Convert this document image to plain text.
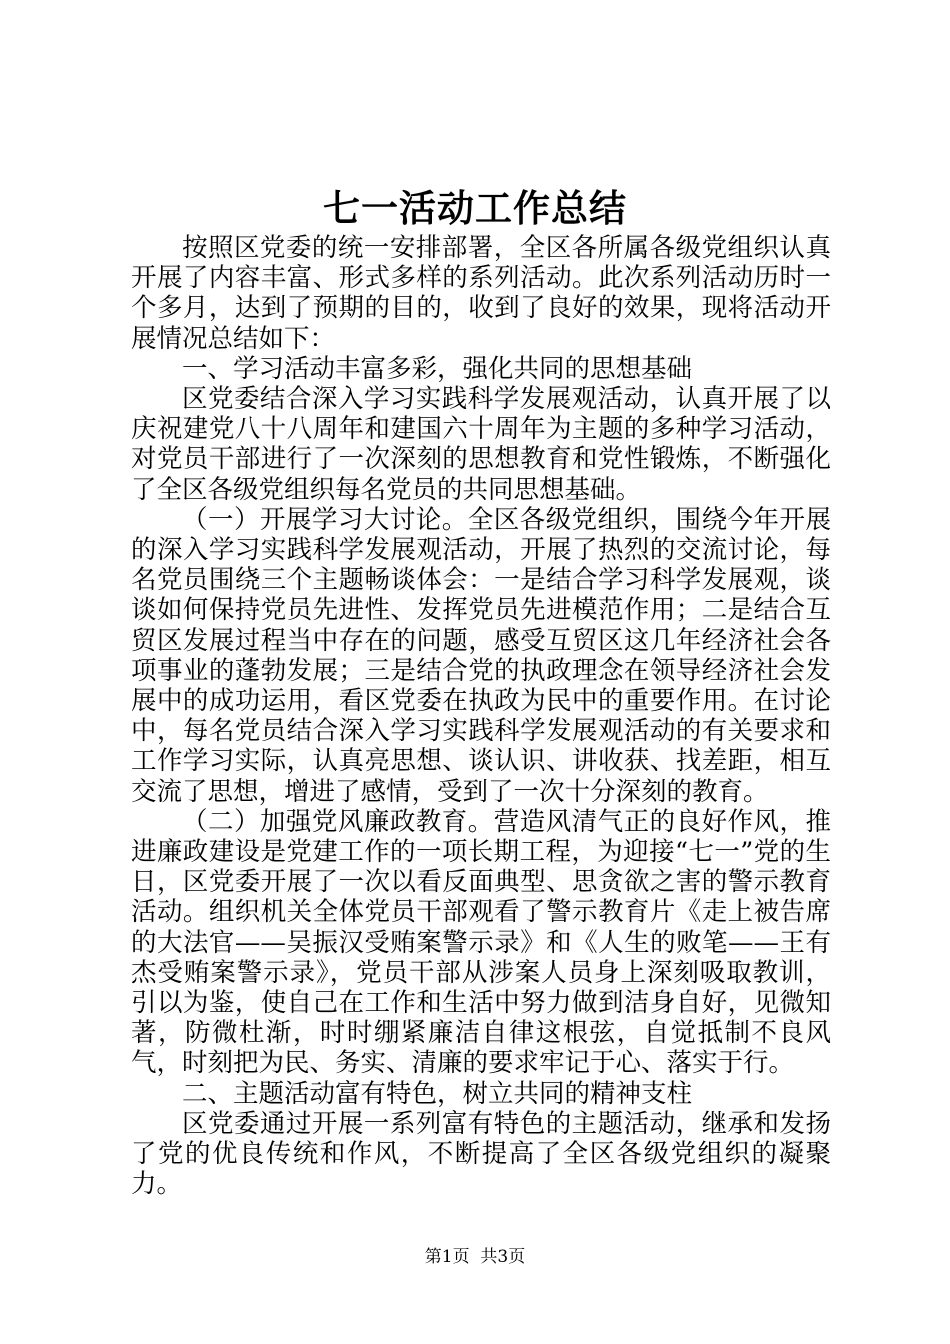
七一活动工作总结

按照区党委的统一安排部署，全区各所属各级党组织认真开展了内容丰富、形式多样的系列活动。此次系列活动历时一个多月，达到了预期的目的，收到了良好的效果，现将活动开展情况总结如下：

一、学习活动丰富多彩，强化共同的思想基础

区党委结合深入学习实践科学发展观活动，认真开展了以庆祝建党八十八周年和建国六十周年为主题的多种学习活动，对党员干部进行了一次深刻的思想教育和党性锻炼，不断强化了全区各级党组织每名党员的共同思想基础。

（一）开展学习大讨论。全区各级党组织，围绕今年开展的深入学习实践科学发展观活动，开展了热烈的交流讨论，每名党员围绕三个主题畅谈体会：一是结合学习科学发展观，谈谈如何保持党员先进性、发挥党员先进模范作用；二是结合互贸区发展过程当中存在的问题，感受互贸区这几年经济社会各项事业的蓬勃发展；三是结合党的执政理念在领导经济社会发展中的成功运用，看区党委在执政为民中的重要作用。在讨论中，每名党员结合深入学习实践科学发展观活动的有关要求和工作学习实际，认真亮思想、谈认识、讲收获、找差距，相互交流了思想，增进了感情，受到了一次十分深刻的教育。

（二）加强党风廉政教育。营造风清气正的良好作风，推进廉政建设是党建工作的一项长期工程，为迎接“七一”党的生日，区党委开展了一次以看反面典型、思贪欲之害的警示教育活动。组织机关全体党员干部观看了警示教育片《走上被告席的大法官——吴振汉受贿案警示录》和《人生的败笔——王有杰受贿案警示录》，党员干部从涉案人员身上深刻吸取教训，引以为鉴，使自己在工作和生活中努力做到洁身自好，见微知著，防微杜渐，时时绷紧廉洁自律这根弦，自觉抵制不良风气，时刻把为民、务实、清廉的要求牢记于心、落实于行。

二、主题活动富有特色，树立共同的精神支柱

区党委通过开展一系列富有特色的主题活动，继承和发扬了党的优良传统和作风，不断提高了全区各级党组织的凝聚力。

第1页  共3页
